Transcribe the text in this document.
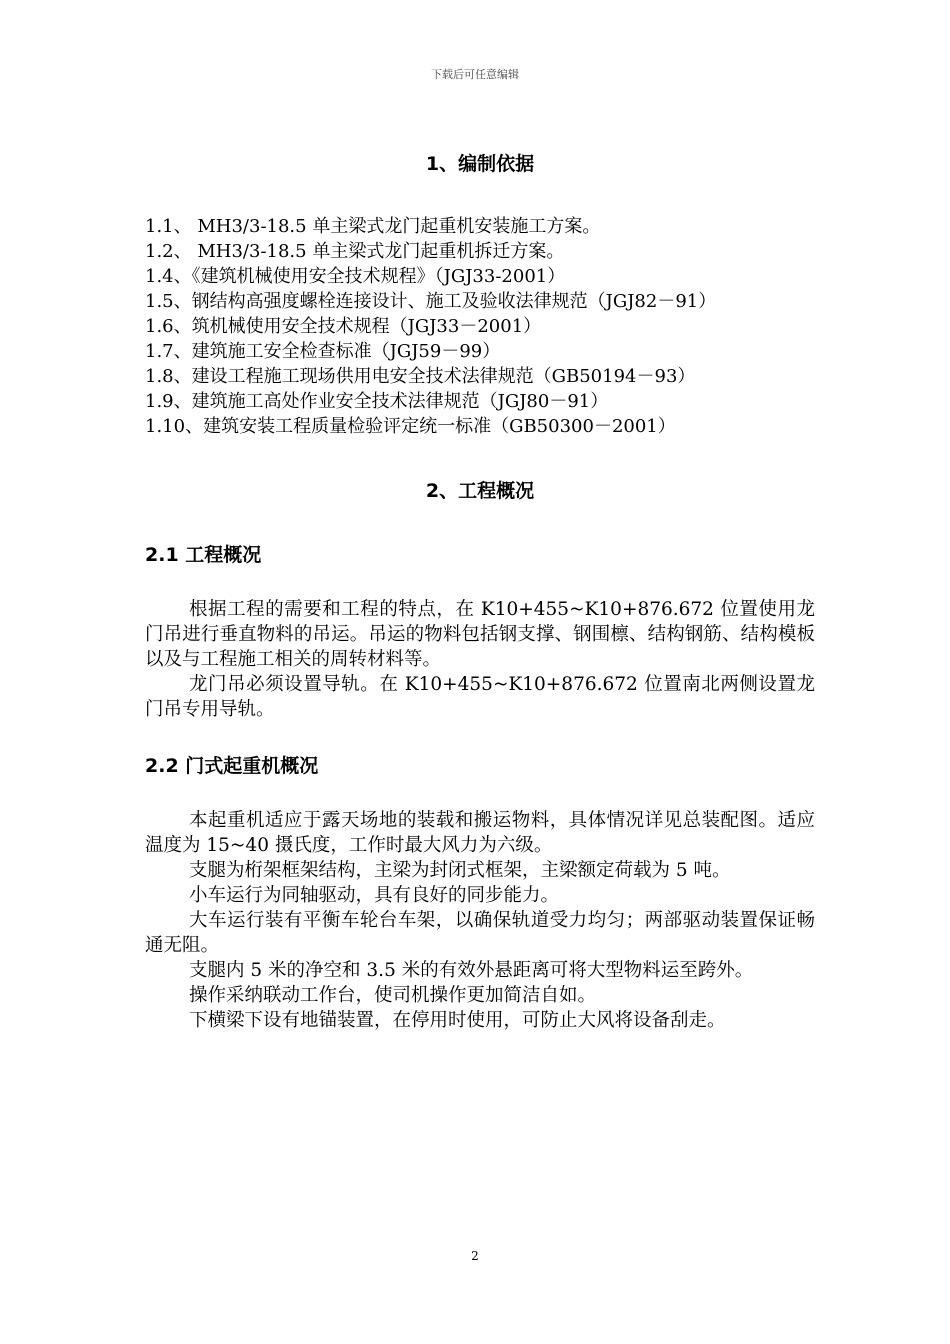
下载后可任意编辑
1、编制依据
1.1、 MH3/3-18.5 单主梁式龙门起重机安装施工方案。
1.2、 MH3/3-18.5 单主梁式龙门起重机拆迁方案。
1.4、《建筑机械使用安全技术规程》（JGJ33-2001）
1.5、钢结构高强度螺栓连接设计、施工及验收法律规范（JGJ82－91）
1.6、筑机械使用安全技术规程（JGJ33－2001）
1.7、建筑施工安全检查标准（JGJ59－99）
1.8、建设工程施工现场供用电安全技术法律规范（GB50194－93）
1.9、建筑施工高处作业安全技术法律规范（JGJ80－91）
1.10、建筑安装工程质量检验评定统一标准（GB50300－2001）
2、工程概况
2.1 工程概况

根据工程的需要和工程的特点，在 K10+455~K10+876.672 位置使用龙门吊进行垂直物料的吊运。吊运的物料包括钢支撑、钢围檩、结构钢筋、结构模板以及与工程施工相关的周转材料等。

龙门吊必须设置导轨。在 K10+455~K10+876.672 位置南北两侧设置龙门吊专用导轨。

2.2 门式起重机概况

本起重机适应于露天场地的装载和搬运物料，具体情况详见总装配图。适应温度为 15~40 摄氏度，工作时最大风力为六级。

支腿为桁架框架结构，主梁为封闭式框架，主梁额定荷载为 5 吨。

小车运行为同轴驱动，具有良好的同步能力。

大车运行装有平衡车轮台车架，以确保轨道受力均匀；两部驱动装置保证畅通无阻。

支腿内 5 米的净空和 3.5 米的有效外悬距离可将大型物料运至跨外。

操作采纳联动工作台，使司机操作更加简洁自如。

下横梁下设有地锚装置，在停用时使用，可防止大风将设备刮走。

2
